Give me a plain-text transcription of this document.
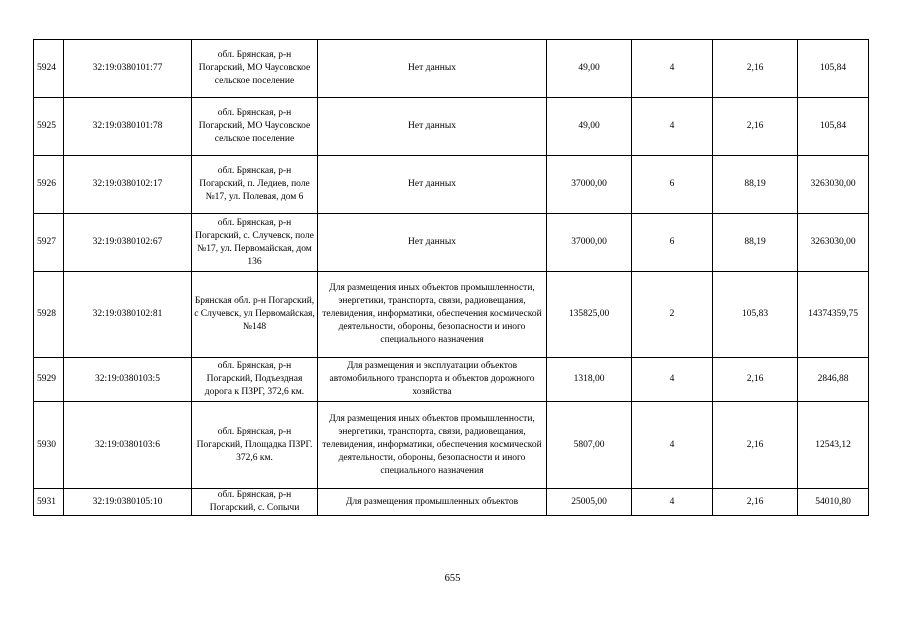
5924	32:19:0380101:77	обл. Брянская, р-н Погарский, МО Чаусовское сельское поселение	Нет данных	49,00	4	2,16	105,84
5925	32:19:0380101:78	обл. Брянская, р-н Погарский, МО Чаусовское сельское поселение	Нет данных	49,00	4	2,16	105,84
5926	32:19:0380102:17	обл. Брянская, р-н Погарский, п. Ледиев, поле №17, ул. Полевая, дом 6	Нет данных	37000,00	6	88,19	3263030,00
5927	32:19:0380102:67	обл. Брянская, р-н Погарский, с. Случевск, поле №17, ул. Первомайская, дом 136	Нет данных	37000,00	6	88,19	3263030,00
5928	32:19:0380102:81	Брянская обл. р-н Погарский, с Случевск, ул Первомайская, №148	Для размещения иных объектов промышленности, энергетики, транспорта, связи, радиовещания, телевидения, информатики, обеспечения космической деятельности, обороны, безопасности и иного специального назначения	135825,00	2	105,83	14374359,75
5929	32:19:0380103:5	обл. Брянская, р-н Погарский, Подъездная дорога к ПЗРГ, 372,6 км.	Для размещения и эксплуатации объектов автомобильного транспорта и объектов дорожного хозяйства	1318,00	4	2,16	2846,88
5930	32:19:0380103:6	обл. Брянская, р-н Погарский, Площадка ПЗРГ. 372,6 км.	Для размещения иных объектов промышленности, энергетики, транспорта, связи, радиовещания, телевидения, информатики, обеспечения космической деятельности, обороны, безопасности и иного специального назначения	5807,00	4	2,16	12543,12
5931	32:19:0380105:10	обл. Брянская, р-н Погарский, с. Сопычи	Для размещения промышленных объектов	25005,00	4	2,16	54010,80
655
